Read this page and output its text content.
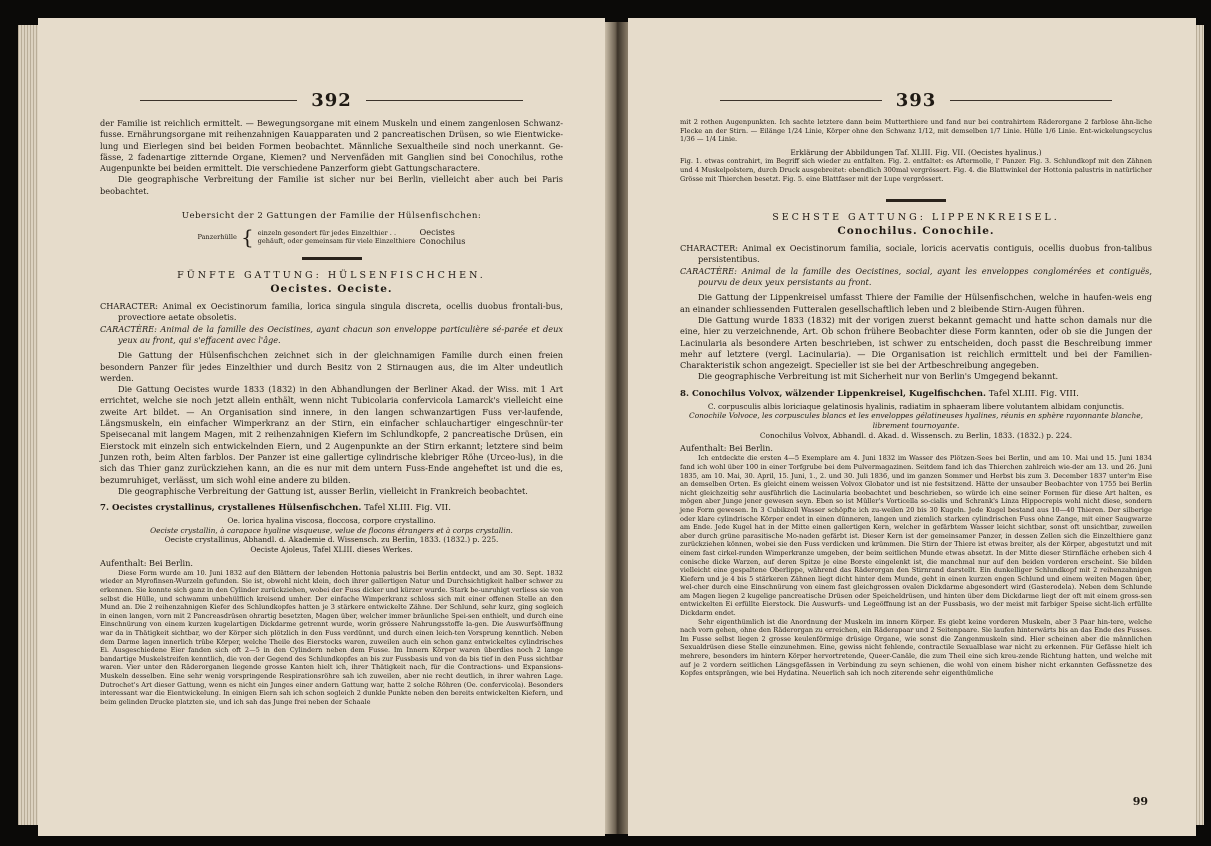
392

der Familie ist reichlich ermittelt. — Bewegungsorgane mit einem Muskeln und einem zangenlosen Schwanz-fusse. Ernährungsorgane mit reihenzahnigen Kauapparaten und 2 pancreatischen Drüsen, so wie Eientwicke-lung und Eierlegen sind bei beiden Formen beobachtet. Männliche Sexualtheile sind noch unerkannt. Ge-fässe, 2 fadenartige zitternde Organe, Kiemen? und Nervenfäden mit Ganglien sind bei Conochilus, rothe Augenpunkte bei beiden ermittelt. Die verschiedene Panzerform giebt Gattungscharactere.

Die geographische Verbreitung der Familie ist sicher nur bei Berlin, vielleicht aber auch bei Paris beobachtet.

Uebersicht der 2 Gattungen der Familie der Hülsenfischchen:
Panzerhülle { einzeln gesondert für jedes Einzelthier . .
gehäuft, oder gemeinsam für viele Einzelthiere
Oecistes
Conochilus
FÜNFTE GATTUNG: HÜLSENFISCHCHEN.
Oecistes. Oeciste.

CHARACTER: Animal ex Oecistinorum familia, lorica singula singula discreta, ocellis duobus frontali-bus, provectiore aetate obsoletis.

CARACTÈRE: Animal de la famille des Oecistines, ayant chacun son enveloppe particulière sé-parée et deux yeux au front, qui s'effacent avec l'âge.

Die Gattung der Hülsenfischchen zeichnet sich in der gleichnamigen Familie durch einen freien besondern Panzer für jedes Einzelthier und durch Besitz von 2 Stirnaugen aus, die im Alter undeutlich werden.

Die Gattung Oecistes wurde 1833 (1832) in den Abhandlungen der Berliner Akad. der Wiss. mit 1 Art errichtet, welche sie noch jetzt allein enthält, wenn nicht Tubicolaria confervicola Lamarck's vielleicht eine zweite Art bildet. — An Organisation sind innere, in den langen schwanzartigen Fuss ver-laufende, Längsmuskeln, ein einfacher Wimperkranz an der Stirn, ein einfacher schlauchartiger eingeschnür-ter Speisecanal mit langem Magen, mit 2 reihenzahnigen Kiefern im Schlundkopfe, 2 pancreatische Drüsen, ein Eierstock mit einzeln sich entwickelnden Eiern, und 2 Augenpunkte an der Stirn erkannt; letztere sind beim Junzen roth, beim Alten farblos. Der Panzer ist eine gallertige cylindrische klebriger Röhe (Urceo-lus), in die sich das Thier ganz zurückziehen kann, an die es nur mit dem untern Fuss-Ende angeheftet ist und die es, bezumruhiget, verlässt, um sich wohl eine andere zu bilden.

Die geographische Verbreitung der Gattung ist, ausser Berlin, vielleicht in Frankreich beobachtet.

7. Oecistes crystallinus, crystallenes Hülsenfischchen. Tafel XLIII. Fig. VII.

Oe. lorica hyalina viscosa, floccosa, corpore crystallino.

Oeciste crystallin, à carapace hyaline visqueuse, velue de flocons étrangers et à corps crystallin.

Oeciste crystallinus, Abhandl. d. Akademie d. Wissensch. zu Berlin, 1833. (1832.) p. 225.

Oeciste Ajoleus, Tafel XLIII. dieses Werkes.

Aufenthalt: Bei Berlin.

Diese Form wurde am 10. Juni 1832 auf den Blättern der lebenden Hottonia palustris bei Berlin entdeckt, und am 30. Sept. 1832 wieder an Myrofinsen-Wurzeln gefunden. Sie ist, obwohl nicht klein, doch ihrer gallertigen Natur und Durchsichtigkeit halber schwer zu erkennen. Sie konnte sich ganz in den Cylinder zurückziehen, wobei der Fuss dicker und kürzer wurde. Stark be-unruhigt verliess sie von selbst die Hülle, und schwamm unbehülflich kreisend umher. Der einfache Wimperkranz schloss sich mit einer offenen Stelle an den Mund an. Die 2 reihenzahnigen Kiefer des Schlundkopfes hatten je 3 stärkere entwickelte Zähne. Der Schlund, sehr kurz, ging sogleich in einen langen, vorn mit 2 Pancreasdrüsen ohrartig besetzten, Magen über, welcher immer bräunliche Spei-sen enthielt, und durch eine Einschnürung von einem kurzen kugelartigen Dickdarme getrennt wurde, worin grössere Nahrungsstoffe la-gen. Die Auswurfsöffnung war da in Thätigkeit sichtbar, wo der Körper sich plötzlich in den Fuss verdünnt, und durch einen leich-ten Vorsprung kenntlich. Neben dem Darme lagen innerlich trübe Körper, welche Theile des Eierstocks waren, zuweilen auch ein schon ganz entwickeltes cylindrisches Ei. Ausgeschiedene Eier fanden sich oft 2—5 in den Cylindern neben dem Fusse. Im Innern Körper waren überdies noch 2 lange bandartige Muskelstreifen kenntlich, die von der Gegend des Schlundkopfes an bis zur Fussbasis und von da bis tief in den Fuss sichtbar waren. Vier unter den Räderorganen liegende grosse Kanten hielt ich, ihrer Thätigkeit nach, für die Contractions- und Expansions-Muskeln desselben. Eine sehr wenig vorspringende Respirationsröhre sah ich zuweilen, aber nie recht deutlich, in ihrer wahren Lage. Dutrochet's Art dieser Gattung, wenn es nicht ein Junges einer andern Gattung war, hatte 2 solche Röhren (Oe. confervicola). Besonders interessant war die Eientwickelung. In einigen Eiern sah ich schon sogleich 2 dunkle Punkte neben den bereits entwickelten Kiefern, und beim gelinden Drucke platzten sie, und ich sah das Junge frei neben der Schaale

393

mit 2 rothen Augenpunkten. Ich sachte letztere dann beim Mutterthiere und fand nur bei contrahirtem Räderorgane 2 farblose ähn-liche Flecke an der Stirn. — Eilänge 1/24 Linie, Körper ohne den Schwanz 1/12, mit demselben 1/7 Linie. Hülle 1/6 Linie. Ent-wickelungscyclus 1/36 — 1/4 Linie.

Erklärung der Abbildungen Taf. XLIII. Fig. VII. (Oecistes hyalinus.)

Fig. 1. etwas contrahirt, im Begriff sich wieder zu entfalten. Fig. 2. entfaltet: es Aftermolle, l' Panzer. Fig. 3. Schlundkopf mit den Zähnen und 4 Muskelpolstern, durch Druck ausgebreitet: ebendlich 300mal vergrössert. Fig. 4. die Blattwinkel der Hottonia palustris in natürlicher Grösse mit Thierchen besetzt. Fig. 5. eine Blattfaser mit der Lupe vergrössert.

SECHSTE GATTUNG: LIPPENKREISEL.
Conochilus. Conochile.

CHARACTER: Animal ex Oecistinorum familia, sociale, loricis acervatis contiguis, ocellis duobus fron-talibus persistentibus.

CARACTÈRE: Animal de la famille des Oecistines, social, ayant les enveloppes conglomérées et contiguës, pourvu de deux yeux persistants au front.

Die Gattung der Lippenkreisel umfasst Thiere der Familie der Hülsenfischchen, welche in haufen-weis eng an einander schliessenden Futteralen gesellschaftlich leben und 2 bleibende Stirn-Augen führen.

Die Gattung wurde 1833 (1832) mit der vorigen zuerst bekannt gemacht und hatte schon damals nur die eine, hier zu verzeichnende, Art. Ob schon frühere Beobachter diese Form kannten, oder ob sie die Jungen der Lacinularia als besondere Arten beschrieben, ist schwer zu entscheiden, doch passt die Beschreibung immer mehr auf letztere (vergl. Lacinularia). — Die Organisation ist reichlich ermittelt und bei der Familien-Charakteristik schon angezeigt. Specieller ist sie bei der Artbeschreibung angegeben.

Die geographische Verbreitung ist mit Sicherheit nur von Berlin's Umgegend bekannt.

8. Conochilus Volvox, wälzender Lippenkreisel, Kugelfischchen. Tafel XLIII. Fig. VIII.

C. corpusculis albis loriciaque gelatinosis hyalinis, radiatim in sphaeram libere volutantem albidam conjunctis.

Conochile Volvoce, les corpuscules blancs et les enveloppes gélatineuses hyalines, réunis en sphère rayonnante blanche, librement tournoyante.

Conochilus Volvox, Abhandl. d. Akad. d. Wissensch. zu Berlin, 1833. (1832.) p. 224.

Aufenthalt: Bei Berlin.

Ich entdeckte die ersten 4—5 Exemplare am 4. Juni 1832 im Wasser des Plötzen-Sees bei Berlin, und am 10. Mai und 15. Juni 1834 fand ich wohl über 100 in einer Torfgrube bei dem Pulvermagazinen. Seitdem fand ich das Thierchen zahlreich wie-der am 13. und 26. Juni 1835, am 10. Mai, 30. April, 15. Juni, 1., 2. und 30. Juli 1836, und im ganzen Sommer und Herbst bis zum 3. December 1837 unter'm Eise an demselben Orten. Es gleicht einem weissen Volvox Globator und ist nie festsitzend. Hätte der unsauber Beobachter von 1755 bei Berlin nicht gleichzeitig sehr ausführlich die Lacinularia beobachtet und beschrieben, so würde ich eine seiner Formen für diese Art halten, es mögen aber Junge jener gewesen seyn. Eben so ist Müller's Vorticella so-cialis und Schrank's Linza Hippocrepis wohl nicht diese, sondern jene Form gewesen. In 3 Cubikzoll Wasser schöpfte ich zu-weilen 20 bis 30 Kugeln. Jede Kugel bestand aus 10—40 Thieren. Der silberige oder klare cylindrische Körper endet in einen dünneren, langen und ziemlich starken cylindrischen Fuss ohne Zange, mit einer Saugwarze am Ende. Jede Kugel hat in der Mitte einen gallertigen Kern, welcher in gefärbtem Wasser leicht sichtbar, sonst oft unsichtbar, zuweilen aber durch grüne parasitische Mo-naden gefärbt ist. Dieser Kern ist der gemeinsamer Panzer, in dessen Zellen sich die Einzelthiere ganz zurückziehen können, wobei sie den Fuss verdicken und krümmen. Die Stirn der Thiere ist etwas breiter, als der Körper, abgestutzt und mit einem fast cirkel-runden Wimperkranze umgeben, der beim seitlichen Munde etwas absetzt. In der Mitte dieser Stirnfläche erheben sich 4 conische dicke Warzen, auf deren Spitze je eine Borste eingelenkt ist, die manchmal nur auf den beiden vorderen erscheint. Sie bilden vielleicht eine gespaltene Oberlippe, während das Räderorgan den Stirnrand darstellt. Ein dunkelliger Schlundkopf mit 2 reihenzahnigen Kiefern und je 4 bis 5 stärkeren Zähnen liegt dicht hinter dem Munde, geht in einen kurzen engen Schlund und einem weiten Magen über, wel-cher durch eine Einschnürung von einem fast gleichgrossen ovalen Dickdarme abgesondert wird (Gasterodela). Neben dem Schlunde am Magen liegen 2 kugelige pancreatische Drüsen oder Speicheldrüsen, und hinten über dem Dickdarme liegt der oft mit einem gross-sen entwickelten Ei erfüllte Eierstock. Die Auswurfs- und Legeöffnung ist an der Fussbasis, wo der meist mit farbiger Speise sicht-lich erfüllte Dickdarm endet.

Sehr eigenthümlich ist die Anordnung der Muskeln im innern Körper. Es giebt keine vorderen Muskeln, aber 3 Paar hin-tere, welche nach vorn gehen, ohne den Räderorgan zu erreichen, ein Räderapaar und 2 Seitenpaare. Sie laufen hinterwärts bis an das Ende des Fusses. Im Fusse selbst liegen 2 grosse keulenförmige drüsige Organe, wie sonst die Zangenmuskeln sind. Hier scheinen aber die männlichen Sexualdrüsen diese Stelle einzunehmen. Eine, gewiss nicht fehlende, contractile Sexualblase war nicht zu erkennen. Für Gefässe hielt ich mehrere, besonders im hintern Körper hervortretende, Queer-Canäle, die zum Theil eine sich kreu-zende Richtung hatten, und welche mit auf je 2 vordern seitlichen Längsgefässen in Verbindung zu seyn schienen, die wohl von einem bisher nicht erkannten Gefässnetze des Kopfes entsprängen, wie bei Hydatina. Neuerlich sah ich noch ziterende sehr eigenthümliche

99
